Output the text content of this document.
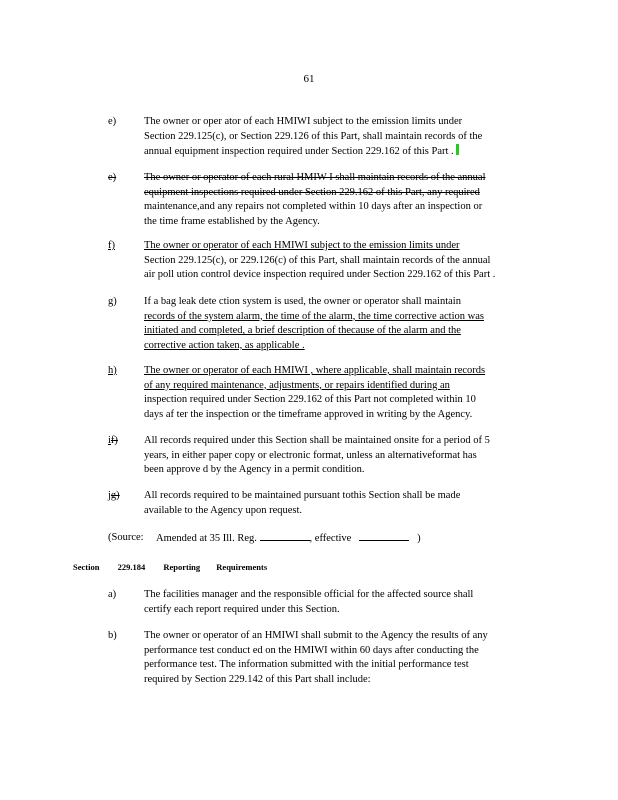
61
e)	The owner or oper ator of each HMIWI subject to the emission limits under
Section 229.125(c), or Section 229.126 of this Part, shall maintain records of the
annual equipment inspection required under Section 229.162 of this Part .
e)	The owner or operator of each rural HMIW I shall maintain records of the annual
equipment inspections required under Section 229.162 of this Part, any required
maintenance,and any repairs not completed within 10 days after an inspection or
the time frame established by the Agency.
f)	The owner or operator of each HMIWI subject to the emission limits under
Section 229.125(c), or 229.126(c) of this Part, shall maintain records of the annual
air poll ution control device inspection required under Section 229.162 of this Part .
g)	If a bag leak dete ction system is used, the owner or operator shall maintain
records of the system alarm, the time of the alarm, the time corrective action was
initiated and completed, a brief description of thecause of the alarm and the
corrective action taken, as applicable .
h)	The owner or operator of each HMIWI , where applicable, shall maintain records
of any required maintenance, adjustments, or repairs identified during an
inspection required under Section 229.162 of this Part not completed within 10
days af ter the inspection or the timeframe approved in writing by the Agency.
if) All records required under this Section shall be maintained onsite for a period of 5
years, in either paper copy or electronic format, unless an alternativeformat has
been approve d by the Agency in a permit condition.
jg) All records required to be maintained pursuant tothis Section shall be made
available to the Agency upon request.
(Source: Amended at 35 Ill. Reg.	, effective	)
Section 229.184 Reporting Requirements
a)	The facilities manager and the responsible official for the affected source shall
certify each report required under this Section.
b)	The owner or operator of an HMIWI shall submit to the Agency the results of any
performance test conduct ed on the HMIWI within 60 days after conducting the
performance test. The information submitted with the initial performance test
required by Section 229.142 of this Part shall include:
